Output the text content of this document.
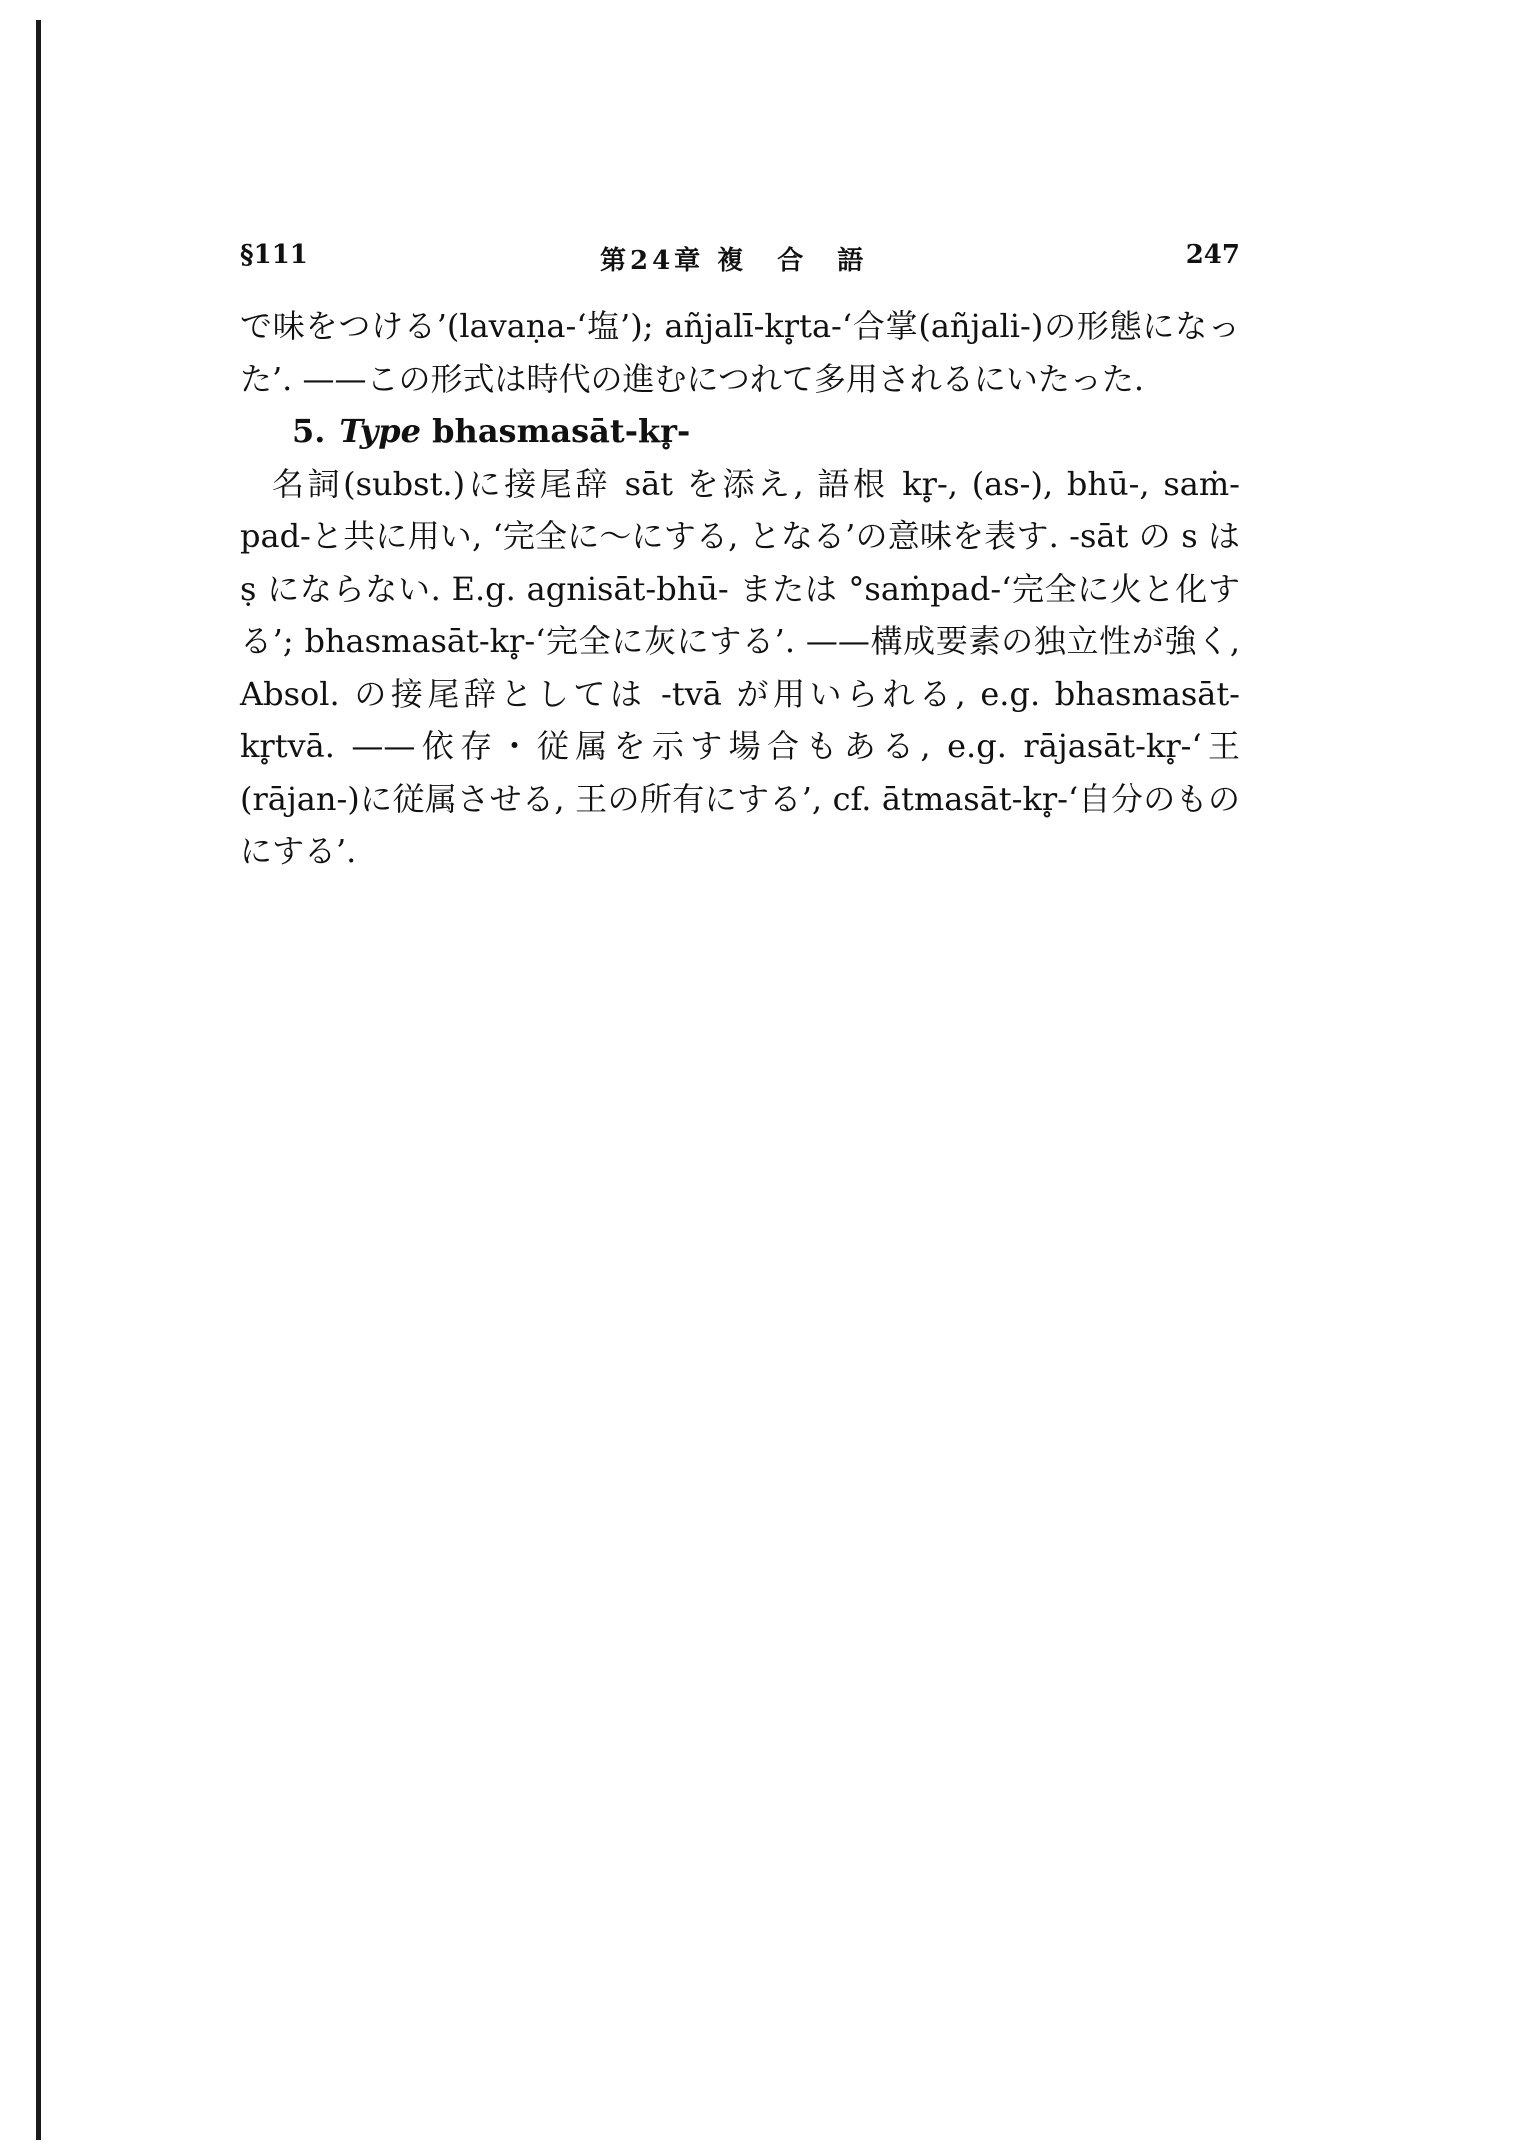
§111	第24章 複　合　語	247

で味をつける’(lavaṇa-‘塩’); añjalī-kr̥ta-‘合掌(añjali-)の形態になった’. ——この形式は時代の進むにつれて多用されるにいたった.

5. Type bhasmasāt-kr̥-

名詞(subst.)に接尾辞 sāt を添え, 語根 kr̥-, (as-), bhū-, saṁ-pad-と共に用い, ‘完全に〜にする, となる’の意味を表す. -sāt の s は ṣ にならない. E.g. agnisāt-bhū- または °saṁpad-‘完全に火と化する’; bhasmasāt-kr̥-‘完全に灰にする’. ——構成要素の独立性が強く, Absol. の接尾辞としては -tvā が用いられる, e.g. bhasmasāt-kr̥tvā. ——依存・従属を示す場合もある, e.g. rājasāt-kr̥-‘王(rājan-)に従属させる, 王の所有にする’, cf. ātmasāt-kr̥-‘自分のものにする’.
